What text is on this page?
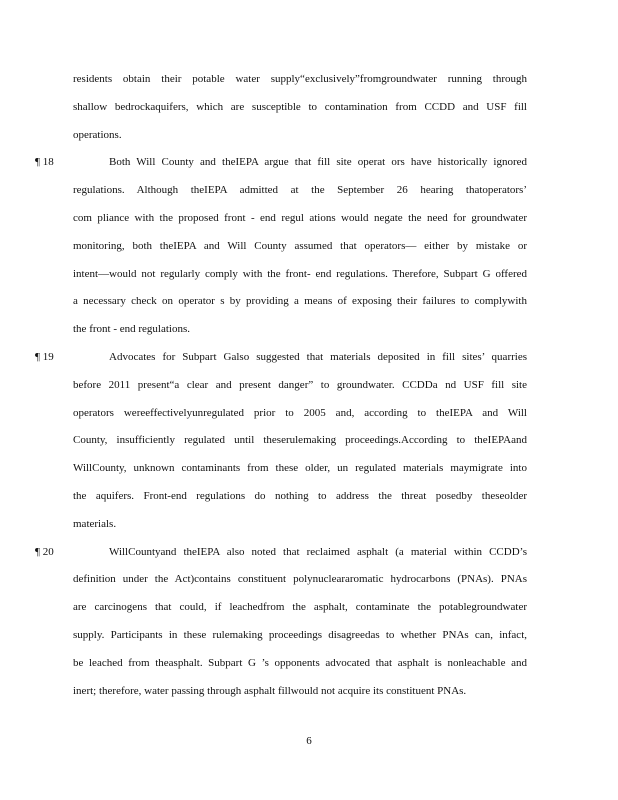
residents obtain their potable water supply“exclusively”fromgroundwater running through
shallow bedrockaquifers, which are susceptible to contamination from CCDD and USF fill
operations.
¶ 18	Both Will County and theIEPA argue that fill site operat ors have historically ignored
regulations. Although theIEPA admitted at the September 26 hearing thatoperators’
com pliance with the proposed front - end regul ations would negate the need for groundwater
monitoring, both theIEPA and Will County assumed that operators— either by mistake or
intent—would not regularly comply with the front- end regulations. Therefore, Subpart G offered
a necessary check on operator s by providing a means of exposing their failures to complywith
the front - end regulations.
¶ 19	Advocates for Subpart Galso suggested that materials deposited in fill sites’ quarries
before 2011 present“a clear and present danger” to groundwater. CCDDa nd USF fill site
operators wereeffectivelyunregulated prior to 2005 and, according to theIEPA and Will
County, insufficiently regulated until theserulemaking proceedings.According to theIEPAand
WillCounty, unknown contaminants from these older, un regulated materials maymigrate into
the aquifers. Front-end regulations do nothing to address the threat posedby theseolder
materials.
¶ 20	WillCountyand theIEPA also noted that reclaimed asphalt (a material within CCDD’s
definition under the Act)contains constituent polynucleararomatic hydrocarbons (PNAs). PNAs
are carcinogens that could, if leachedfrom the asphalt, contaminate the potablegroundwater
supply. Participants in these rulemaking proceedings disagreedas to whether PNAs can, infact,
be leached from theasphalt. Subpart G ’s opponents advocated that asphalt is nonleachable and
inert; therefore, water passing through asphalt fillwould not acquire its constituent PNAs.
6
